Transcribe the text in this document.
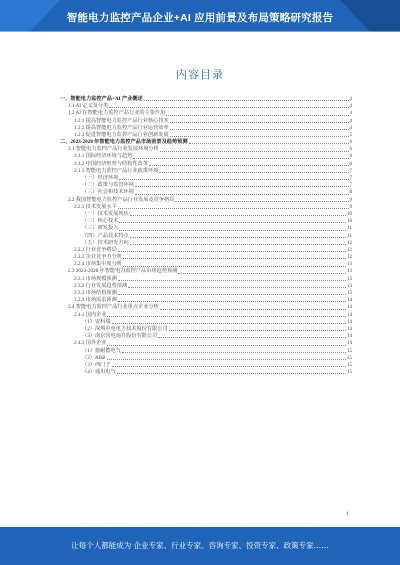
智能电力监控产品企业+AI 应用前景及布局策略研究报告
内容目录
一、智能电力监控产品+AI 产业概述	4
1.1 AI 定义及分类	4
1.2 AI 在智能电力监控产品行业的主要作用	4
1.2.1 提高智能电力监控产品行业核心技术	4
1.2.2 提高智能电力监控产品行业运营效率	4
1.2.3 促进智能电力监控产品行业创新发展	5
二、2023-2028 年智能电力监控产品市场前景及趋势预测	6
2.1 智能电力监控产品行业发展环境分析	6
2.1.1 国际经济环境与趋势	6
2.1.2 中国经济形势与结构性改革	6
2.1.3 智能电力监控产品行业政策环境	7
（一）经济环境	7
（二）政策与监管环境	7
（三）社会和技术环境	8
2.2 我国智能电力监控产品行业发展及竞争格局	9
2.2.1 技术发展水平	9
（一）技术发展现状	10
（二）核心技术	10
（三）研发投入	11
（四）产品技术特点	11
（五）技术研发方向	12
2.2.2 行业竞争格局	12
2.2.3 企业竞争力分析	12
2.2.4 市场集中度分析	13
2.3 2023-2028 年智能电力监控产品市场趋势预测	13
2.3.1 市场规模预测	13
2.3.2 行业发展趋势预测	13
2.3.3 市场结构预测	13
2.3.4 市场需求预测	14
2.4 智能电力监控产品行业重点企业分析	14
2.4.1 国内企业	14
（1）安科瑞	14
（2）深圳中电电力技术股份有限公司	14
（3）南京国电南自股份有限公司	14
2.4.2 国外企业	14
（1）施耐德电气	15
（2）ABB	15
（3）西门子	15
（4）通用电气	15
1
让每个人都能成为 企业专家、行业专家、咨询专家、投资专家、政策专家……
